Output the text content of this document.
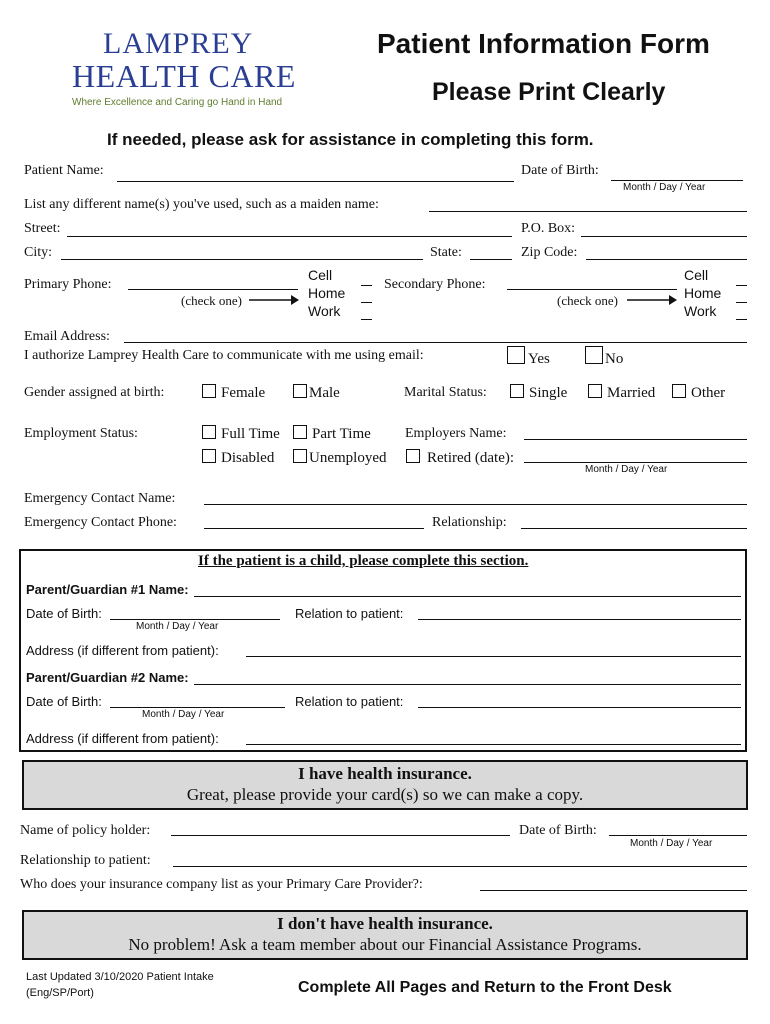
LAMPREY
HEALTH CARE
Where Excellence and Caring go Hand in Hand
Patient Information Form
Please Print Clearly
If needed, please ask for assistance in completing this form.
Patient Name:	Date of Birth:
Month / Day / Year
List any different name(s) you've used, such as a maiden name:
Street:	P.O. Box:
City:	State:	Zip Code:
Primary Phone:
(check one)
Cell
Home
Work
Secondary Phone:
(check one)
Cell
Home
Work
Email Address:
I authorize Lamprey Health Care to communicate with me using email:	Yes	No
Gender assigned at birth:	Female	Male	Marital Status:	Single	Married	Other
Employment Status:	Full Time	Part Time Employers Name:
Disabled	Unemployed	Retired (date):
Month / Day / Year
Emergency Contact Name:
Emergency Contact Phone:	Relationship:
If the patient is a child, please complete this section.
Parent/Guardian #1 Name:
Date of Birth:
Month / Day / Year
Relation to patient:
Address (if different from patient):
Parent/Guardian #2 Name:
Date of Birth:
Month / Day / Year
Relation to patient:
Address (if different from patient):
I have health insurance.
Great, please provide your card(s) so we can make a copy.
Name of policy holder:	Date of Birth:
Month / Day / Year
Relationship to patient:
Who does your insurance company list as your Primary Care Provider?:
I don't have health insurance.
No problem! Ask a team member about our Financial Assistance Programs.
Last Updated 3/10/2020 Patient Intake
(Eng/SP/Port)	Complete All Pages and Return to the Front Desk
